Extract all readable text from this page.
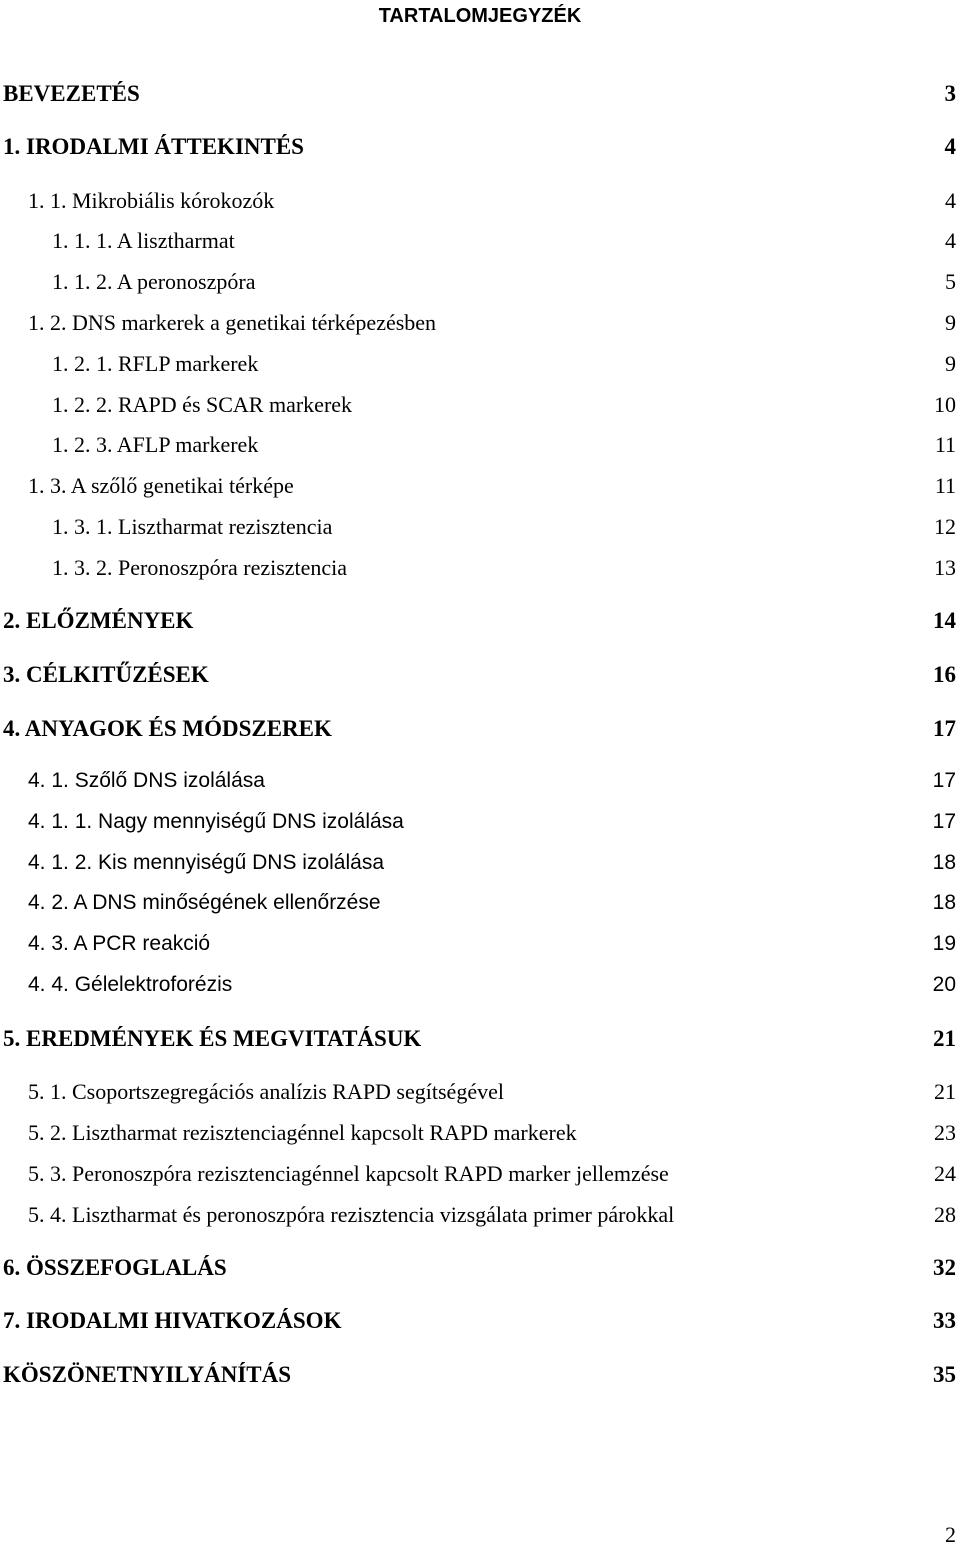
TARTALOMJEGYZÉK
BEVEZETÉS	3
1. IRODALMI ÁTTEKINTÉS	4
1. 1. Mikrobiális kórokozók	4
1. 1. 1. A lisztharmat	4
1. 1. 2. A peronoszpóra	5
1. 2. DNS markerek a genetikai térképezésben	9
1. 2. 1. RFLP markerek	9
1. 2. 2. RAPD és SCAR markerek	10
1. 2. 3. AFLP markerek	11
1. 3. A szőlő genetikai térképe	11
1. 3. 1. Lisztharmat rezisztencia	12
1. 3. 2. Peronoszpóra rezisztencia	13
2. ELŐZMÉNYEK	14
3. CÉLKITŰZÉSEK	16
4. ANYAGOK ÉS MÓDSZEREK	17
4. 1. Szőlő DNS izolálása	17
4. 1. 1. Nagy mennyiségű DNS izolálása	17
4. 1. 2. Kis mennyiségű DNS izolálása	18
4. 2. A DNS minőségének ellenőrzése	18
4. 3. A PCR reakció	19
4. 4. Gélelektroforézis	20
5. EREDMÉNYEK ÉS MEGVITATÁSUK	21
5. 1. Csoportszegregációs analízis RAPD segítségével	21
5. 2. Lisztharmat rezisztenciagénnel kapcsolt RAPD markerek	23
5. 3. Peronoszpóra rezisztenciagénnel kapcsolt RAPD marker jellemzése	24
5. 4. Lisztharmat és peronoszpóra rezisztencia vizsgálata primer párokkal	28
6. ÖSSZEFOGLALÁS	32
7. IRODALMI HIVATKOZÁSOK	33
KÖSZÖNETNYILYÁNÍTÁS	35
2
